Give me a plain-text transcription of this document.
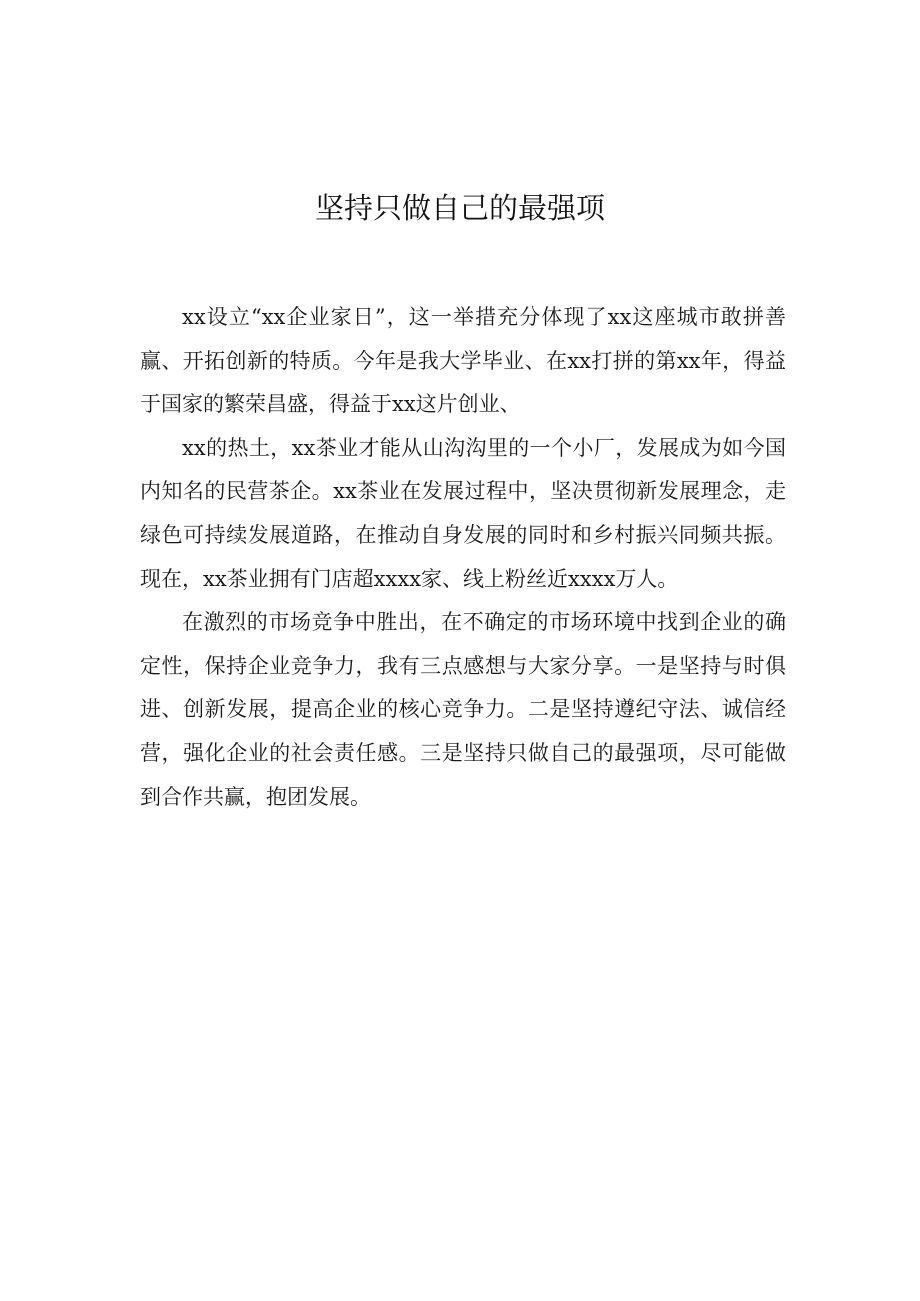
坚持只做自己的最强项

xx设立“xx企业家日”，这一举措充分体现了xx这座城市敢拼善赢、开拓创新的特质。今年是我大学毕业、在xx打拼的第xx年，得益于国家的繁荣昌盛，得益于xx这片创业、

xx的热土，xx茶业才能从山沟沟里的一个小厂，发展成为如今国内知名的民营茶企。xx茶业在发展过程中，坚决贯彻新发展理念，走绿色可持续发展道路，在推动自身发展的同时和乡村振兴同频共振。现在，xx茶业拥有门店超xxxx家、线上粉丝近xxxx万人。

在激烈的市场竞争中胜出，在不确定的市场环境中找到企业的确定性，保持企业竞争力，我有三点感想与大家分享。一是坚持与时俱进、创新发展，提高企业的核心竞争力。二是坚持遵纪守法、诚信经营，强化企业的社会责任感。三是坚持只做自己的最强项，尽可能做到合作共赢，抱团发展。
